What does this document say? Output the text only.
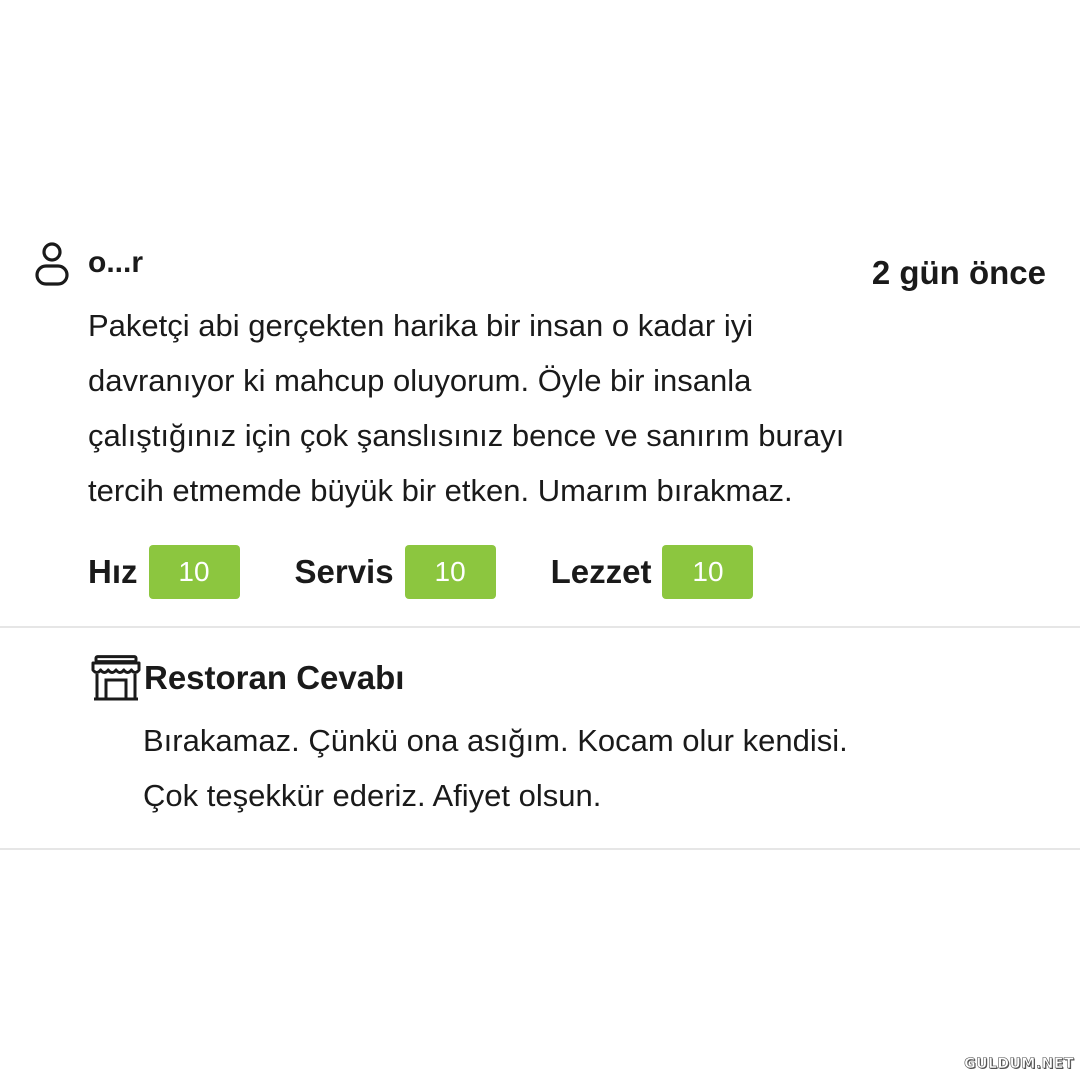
o...r	2 gün önce

Paketçi abi gerçekten harika bir insan o kadar iyi
davranıyor ki mahcup oluyorum. Öyle bir insanla
çalıştığınız için çok şanslısınız bence ve sanırım burayı
tercih etmemde büyük bir etken. Umarım bırakmaz.

Hız	10	Servis	10	Lezzet	10
Restoran Cevabı

Bırakamaz. Çünkü ona asığım. Kocam olur kendisi.
Çok teşekkür ederiz. Afiyet olsun.

GULDUM.NET
